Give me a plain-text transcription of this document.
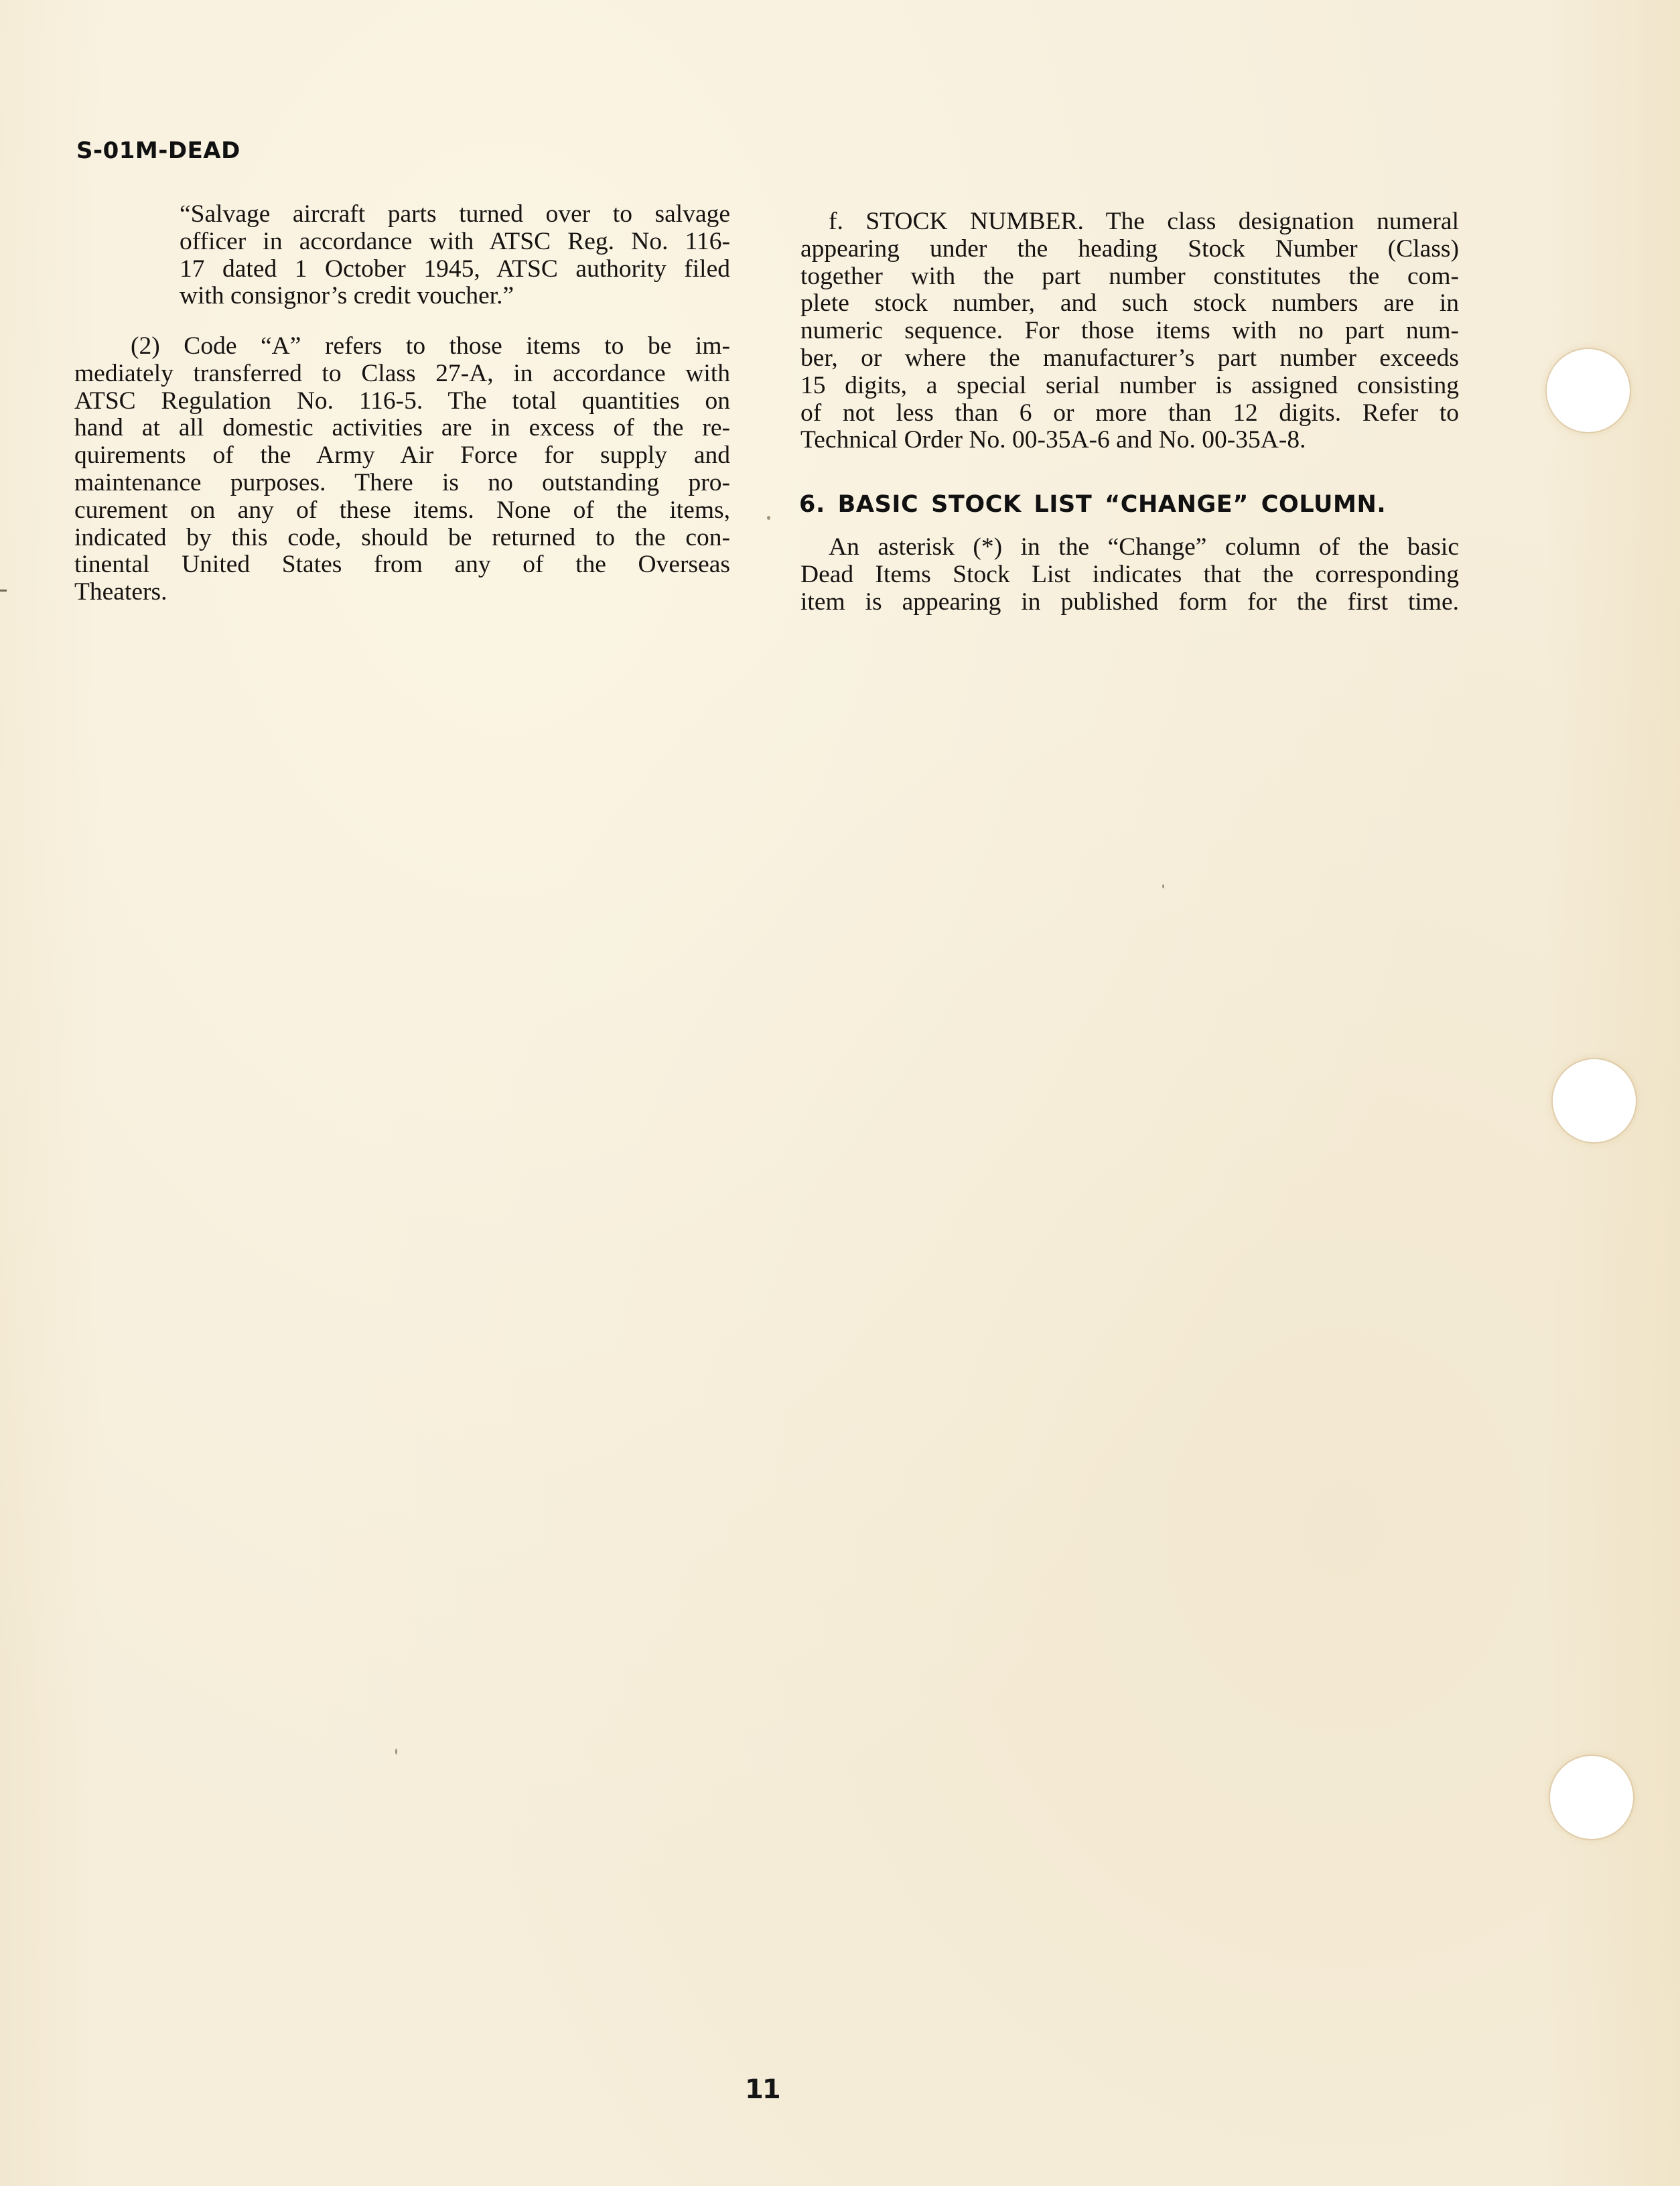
S-01M-DEAD
“Salvage aircraft parts turned over to salvage
officer in accordance with ATSC Reg. No. 116-
17 dated 1 October 1945, ATSC authority filed
with consignor’s credit voucher.”
(2) Code “A” refers to those items to be im-
mediately transferred to Class 27-A, in accordance with
ATSC Regulation No. 116-5. The total quantities on
hand at all domestic activities are in excess of the re-
quirements of the Army Air Force for supply and
maintenance purposes. There is no outstanding pro-
curement on any of these items. None of the items,
indicated by this code, should be returned to the con-
tinental United States from any of the Overseas
Theaters.
f. STOCK NUMBER. The class designation numeral
appearing under the heading Stock Number (Class)
together with the part number constitutes the com-
plete stock number, and such stock numbers are in
numeric sequence. For those items with no part num-
ber, or where the manufacturer’s part number exceeds
15 digits, a special serial number is assigned consisting
of not less than 6 or more than 12 digits. Refer to
Technical Order No. 00-35A-6 and No. 00-35A-8.
6. BASIC STOCK LIST “CHANGE” COLUMN.
An asterisk (*) in the “Change” column of the basic
Dead Items Stock List indicates that the corresponding
item is appearing in published form for the first time.
11
